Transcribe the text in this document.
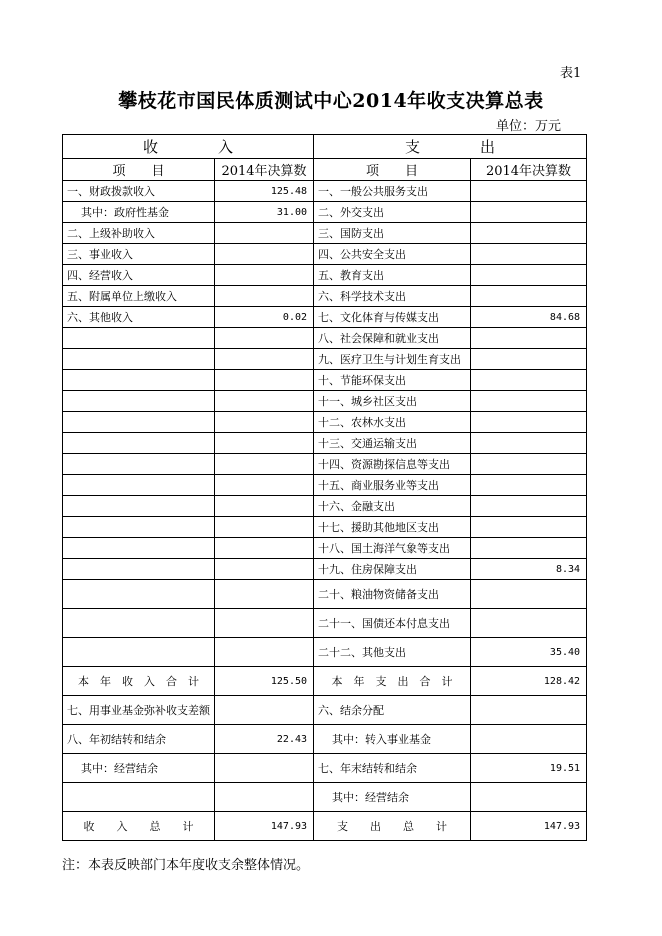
表1
攀枝花市国民体质测试中心2014年收支决算总表
单位：万元
收　　　　入		支　　　　出	
项　　目	2014年决算数	项　　目	2014年决算数
一、财政拨款收入	125.48	一、一般公共服务支出	
其中：政府性基金	31.00	二、外交支出	
二、上级补助收入		三、国防支出	
三、事业收入		四、公共安全支出	
四、经营收入		五、教育支出	
五、附属单位上缴收入		六、科学技术支出	
六、其他收入	0.02	七、文化体育与传媒支出	84.68
		八、社会保障和就业支出	
		九、医疗卫生与计划生育支出	
		十、节能环保支出	
		十一、城乡社区支出	
		十二、农林水支出	
		十三、交通运输支出	
		十四、资源勘探信息等支出	
		十五、商业服务业等支出	
		十六、金融支出	
		十七、援助其他地区支出	
		十八、国土海洋气象等支出	
		十九、住房保障支出	8.34
		二十、粮油物资储备支出	
		二十一、国债还本付息支出	
		二十二、其他支出	35.40
本　年　收　入　合　计	125.50	本　年　支　出　合　计	128.42
七、用事业基金弥补收支差额		六、结余分配	
八、年初结转和结余	22.43	其中：转入事业基金	
其中：经营结余		七、年末结转和结余	19.51
		其中：经营结余	
收　　入　　总　　计	147.93	支　　出　　总　　计	147.93
注：本表反映部门本年度收支余整体情况。
